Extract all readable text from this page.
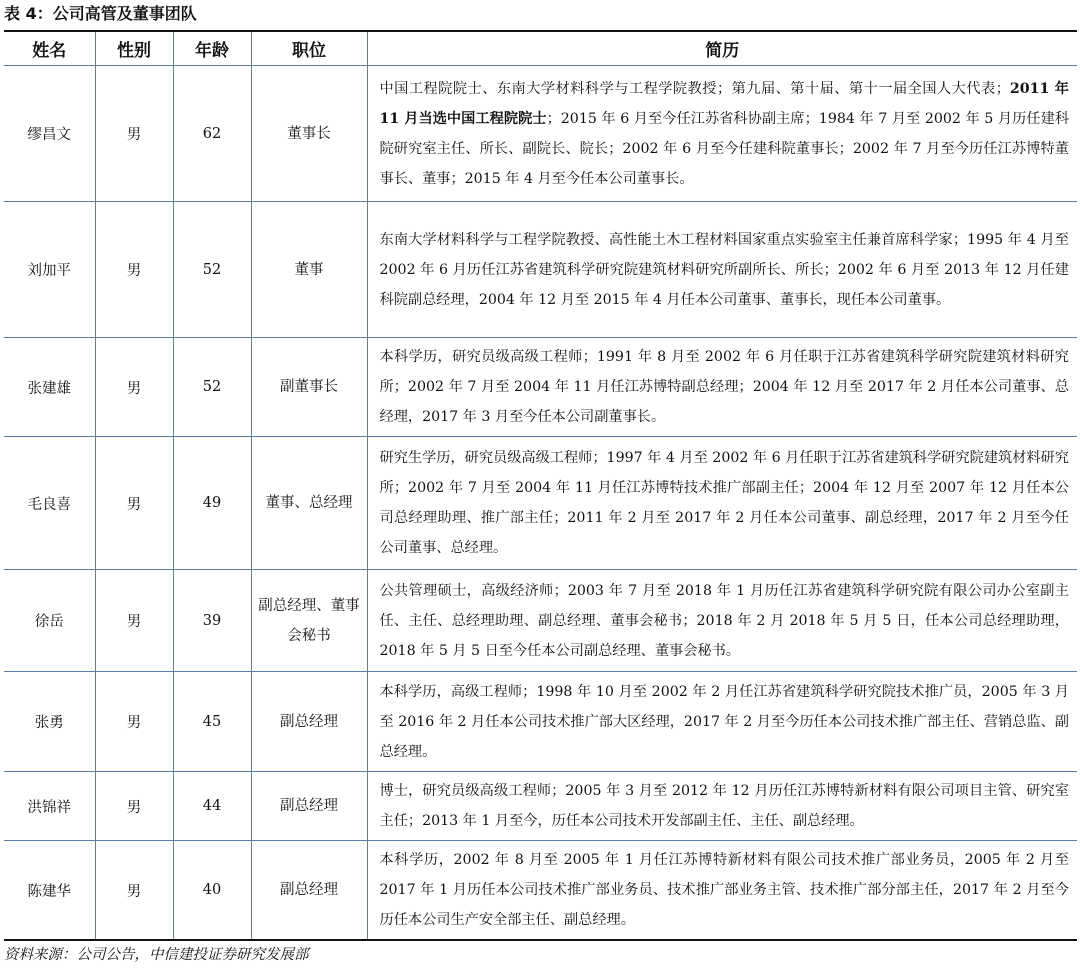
表 4：公司高管及董事团队
姓名	性别	年龄	职位	简历
缪昌文	男	62	董事长	中国工程院院士、东南大学材料科学与工程学院教授；第九届、第十届、第十一届全国人大代表；2011 年 11 月当选中国工程院院士；2015 年 6 月至今任江苏省科协副主席；1984 年 7 月至 2002 年 5 月历任建科院研究室主任、所长、副院长、院长；2002 年 6 月至今任建科院董事长；2002 年 7 月至今历任江苏博特董事长、董事；2015 年 4 月至今任本公司董事长。
刘加平	男	52	董事	东南大学材料科学与工程学院教授、高性能土木工程材料国家重点实验室主任兼首席科学家；1995 年 4 月至 2002 年 6 月历任江苏省建筑科学研究院建筑材料研究所副所长、所长；2002 年 6 月至 2013 年 12 月任建科院副总经理，2004 年 12 月至 2015 年 4 月任本公司董事、董事长，现任本公司董事。
张建雄	男	52	副董事长	本科学历，研究员级高级工程师；1991 年 8 月至 2002 年 6 月任职于江苏省建筑科学研究院建筑材料研究所；2002 年 7 月至 2004 年 11 月任江苏博特副总经理；2004 年 12 月至 2017 年 2 月任本公司董事、总经理，2017 年 3 月至今任本公司副董事长。
毛良喜	男	49	董事、总经理	研究生学历，研究员级高级工程师；1997 年 4 月至 2002 年 6 月任职于江苏省建筑科学研究院建筑材料研究所；2002 年 7 月至 2004 年 11 月任江苏博特技术推广部副主任；2004 年 12 月至 2007 年 12 月任本公司总经理助理、推广部主任；2011 年 2 月至 2017 年 2 月任本公司董事、副总经理，2017 年 2 月至今任公司董事、总经理。
徐岳	男	39	副总经理、董事会秘书	公共管理硕士，高级经济师；2003 年 7 月至 2018 年 1 月历任江苏省建筑科学研究院有限公司办公室副主任、主任、总经理助理、副总经理、董事会秘书；2018 年 2 月 2018 年 5 月 5 日，任本公司总经理助理，2018 年 5 月 5 日至今任本公司副总经理、董事会秘书。
张勇	男	45	副总经理	本科学历，高级工程师；1998 年 10 月至 2002 年 2 月任江苏省建筑科学研究院技术推广员，2005 年 3 月至 2016 年 2 月任本公司技术推广部大区经理，2017 年 2 月至今历任本公司技术推广部主任、营销总监、副总经理。
洪锦祥	男	44	副总经理	博士，研究员级高级工程师；2005 年 3 月至 2012 年 12 月历任江苏博特新材料有限公司项目主管、研究室主任；2013 年 1 月至今，历任本公司技术开发部副主任、主任、副总经理。
陈建华	男	40	副总经理	本科学历，2002 年 8 月至 2005 年 1 月任江苏博特新材料有限公司技术推广部业务员，2005 年 2 月至 2017 年 1 月历任本公司技术推广部业务员、技术推广部业务主管、技术推广部分部主任，2017 年 2 月至今历任本公司生产安全部主任、副总经理。
资料来源：公司公告，中信建投证券研究发展部
